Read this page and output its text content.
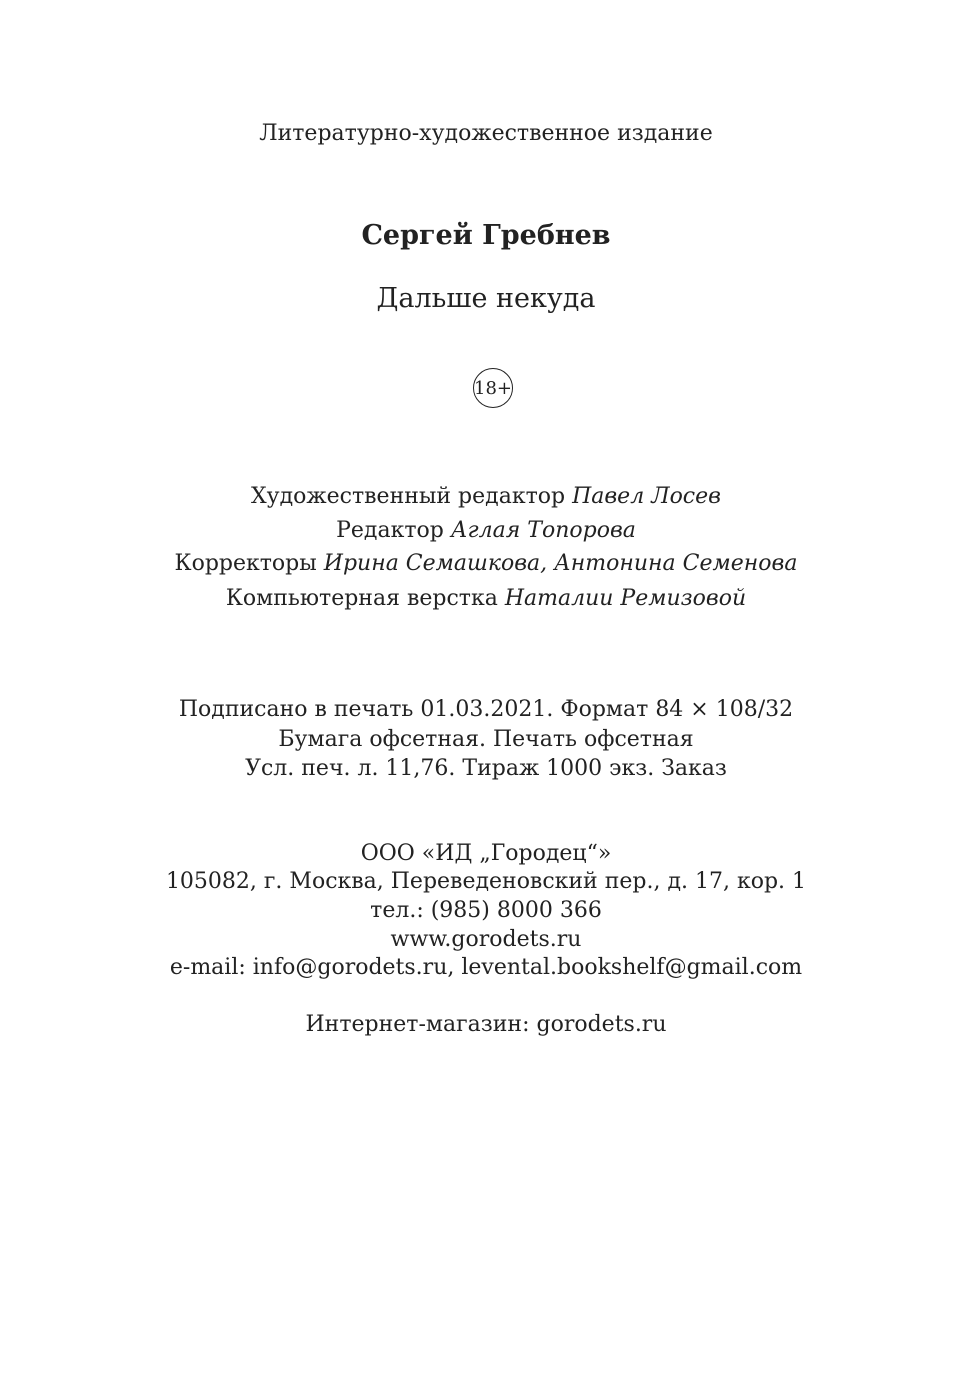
Литературно-художественное издание
Сергей Гребнев
Дальше некуда
18+
Художественный редактор Павел Лосев
Редактор Аглая Топорова
Корректоры Ирина Семашкова, Антонина Семенова
Компьютерная верстка Наталии Ремизовой
Подписано в печать 01.03.2021. Формат 84 × 108/32
Бумага офсетная. Печать офсетная
Усл. печ. л. 11,76. Тираж 1000 экз. Заказ
ООО «ИД „Городец“»
105082, г. Москва, Переведеновский пер., д. 17, кор. 1
тел.: (985) 8000 366
www.gorodets.ru
e-mail: info@gorodets.ru, levental.bookshelf@gmail.com
Интернет-магазин: gorodets.ru
